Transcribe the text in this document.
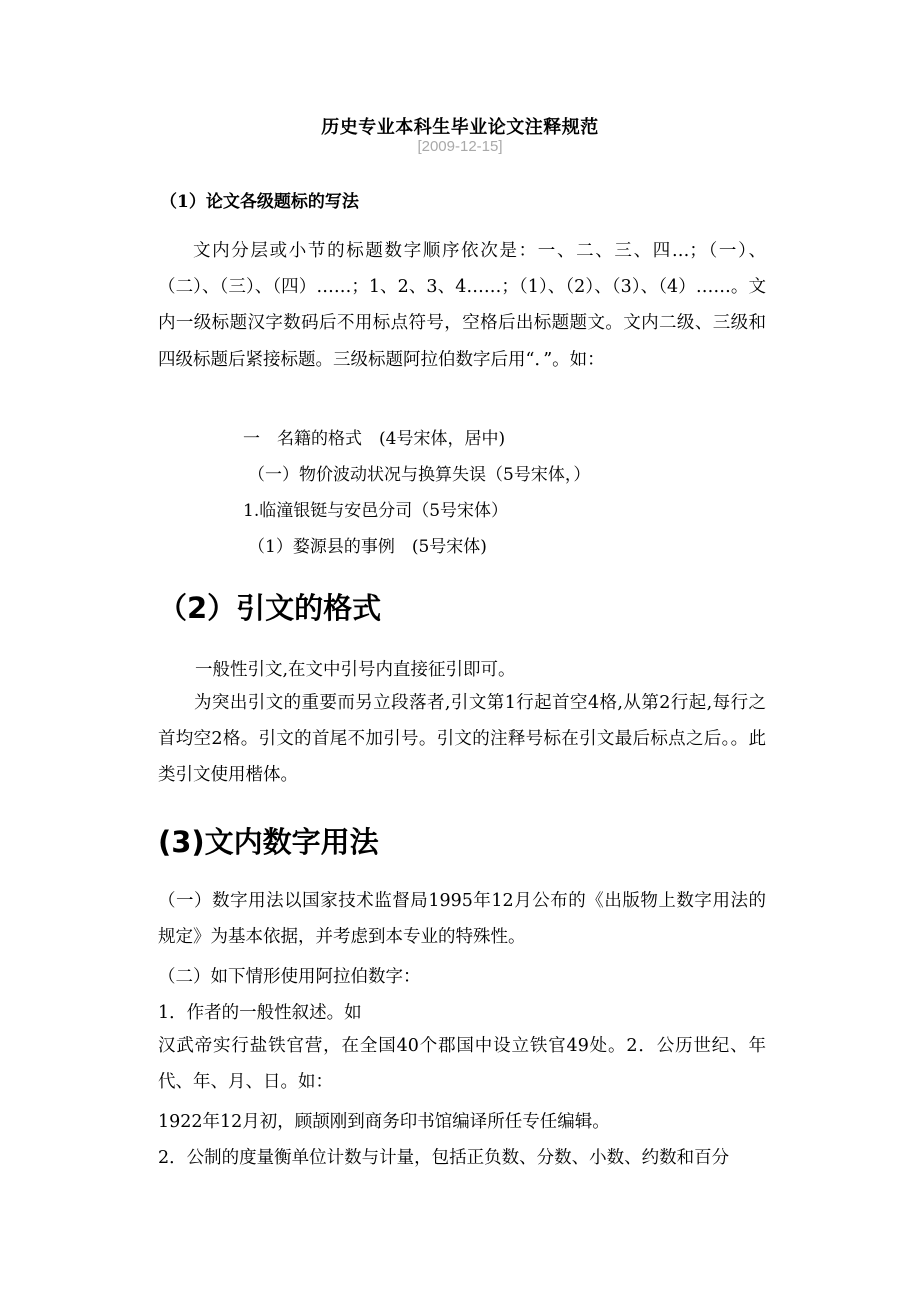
历史专业本科生毕业论文注释规范
[2009-12-15]
（1）论文各级题标的写法
文内分层或小节的标题数字顺序依次是：一、二、三、四…；（一）、（二）、（三）、（四）……；1、2、3、4……；（1）、（2）、（3）、（4）……。文内一级标题汉字数码后不用标点符号，空格后出标题题文。文内二级、三级和四级标题后紧接标题。三级标题阿拉伯数字后用“．”。如：
一　名籍的格式　(4号宋体，居中)
（一）物价波动状况与换算失误（5号宋体，）
1.临潼银铤与安邑分司（5号宋体）
（1）婺源县的事例　(5号宋体)
（2）引文的格式
一般性引文,在文中引号内直接征引即可。
为突出引文的重要而另立段落者,引文第1行起首空4格,从第2行起,每行之首均空2格。引文的首尾不加引号。引文的注释号标在引文最后标点之后。。此类引文使用楷体。
(3)文内数字用法
（一）数字用法以国家技术监督局1995年12月公布的《出版物上数字用法的规定》为基本依据，并考虑到本专业的特殊性。
（二）如下情形使用阿拉伯数字：
1．作者的一般性叙述。如
汉武帝实行盐铁官营，在全国40个郡国中设立铁官49处。2．公历世纪、年代、年、月、日。如：
1922年12月初，顾颉刚到商务印书馆编译所任专任编辑。
2．公制的度量衡单位计数与计量，包括正负数、分数、小数、约数和百分
